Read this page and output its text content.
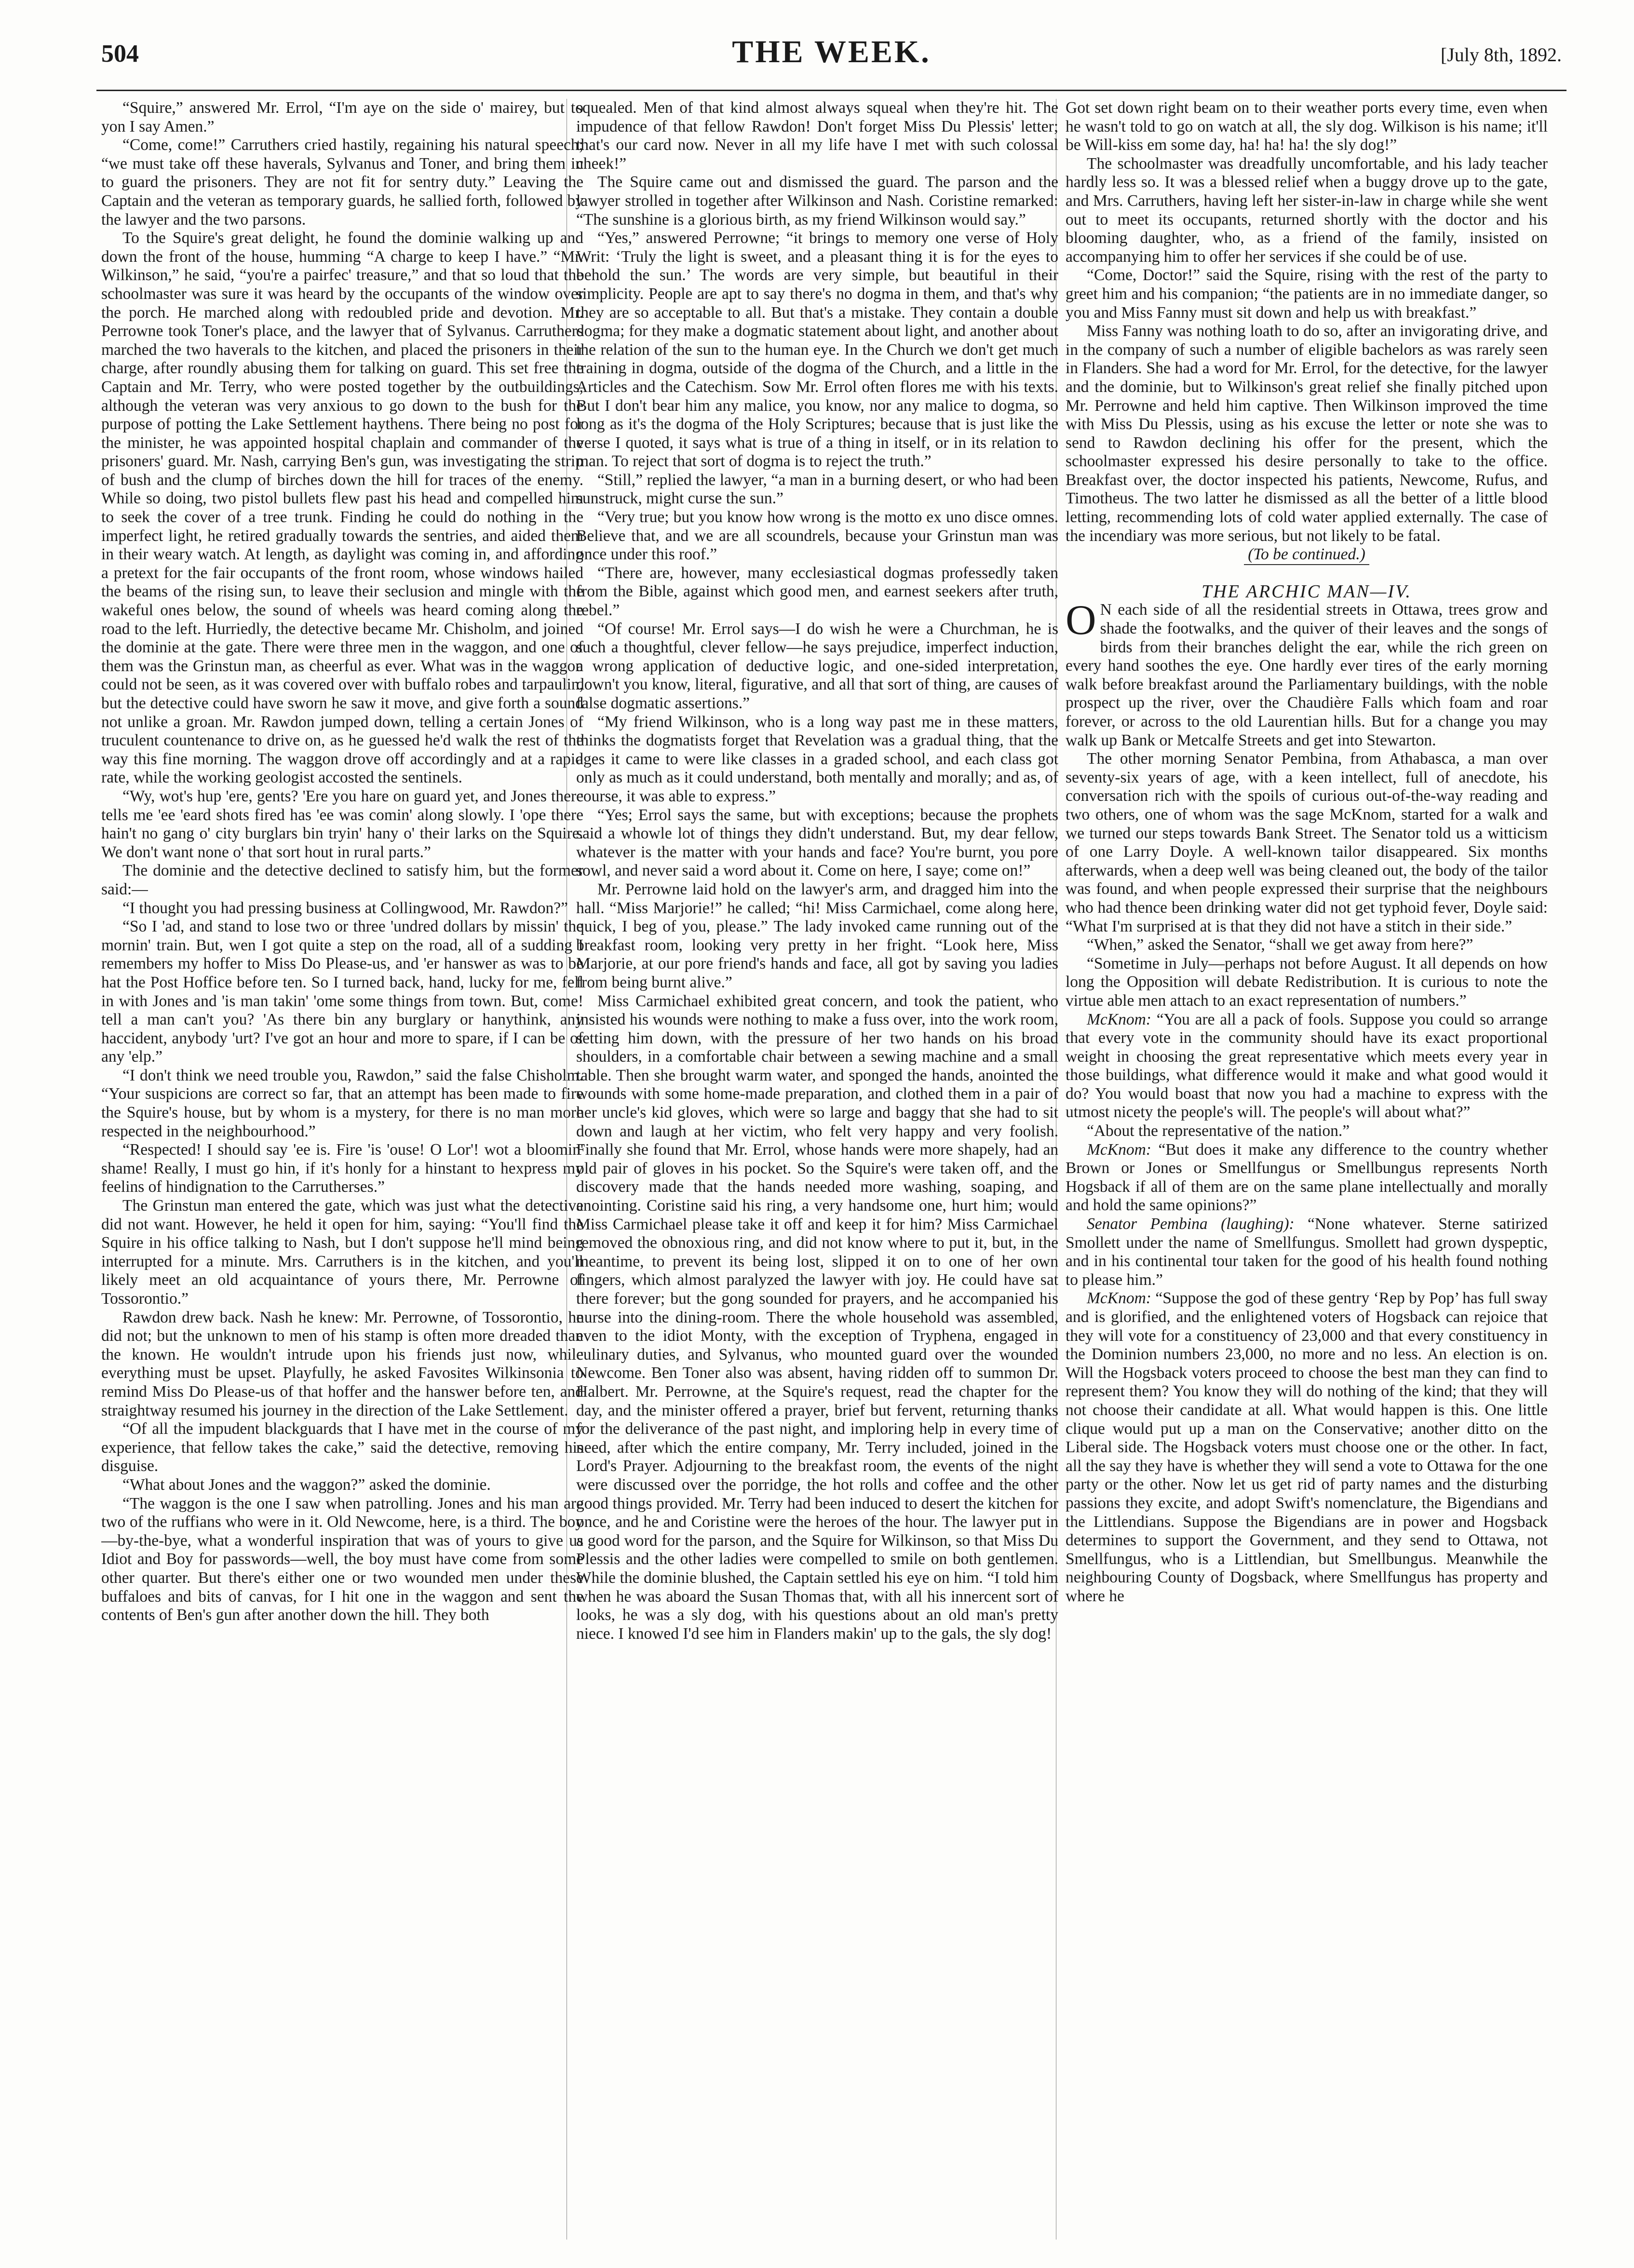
504	THE WEEK.	[July 8th, 1892.

“Squire,” answered Mr. Errol, “I'm aye on the side o' mairey, but to yon I say Amen.”

“Come, come!” Carruthers cried hastily, regaining his natural speech; “we must take off these haverals, Sylvanus and Toner, and bring them in to guard the prisoners. They are not fit for sentry duty.” Leaving the Captain and the veteran as temporary guards, he sallied forth, followed by the lawyer and the two parsons.

To the Squire's great delight, he found the dominie walking up and down the front of the house, humming “A charge to keep I have.” “Mr. Wilkinson,” he said, “you're a pairfec' treasure,” and that so loud that the schoolmaster was sure it was heard by the occupants of the window over the porch. He marched along with redoubled pride and devotion. Mr. Perrowne took Toner's place, and the lawyer that of Sylvanus. Carruthers marched the two haverals to the kitchen, and placed the prisoners in their charge, after roundly abusing them for talking on guard. This set free the Captain and Mr. Terry, who were posted together by the outbuildings, although the veteran was very anxious to go down to the bush for the purpose of potting the Lake Settlement haythens. There being no post for the minister, he was appointed hospital chaplain and commander of the prisoners' guard. Mr. Nash, carrying Ben's gun, was investigating the strip of bush and the clump of birches down the hill for traces of the enemy. While so doing, two pistol bullets flew past his head and compelled him to seek the cover of a tree trunk. Finding he could do nothing in the imperfect light, he retired gradually towards the sentries, and aided them in their weary watch. At length, as daylight was coming in, and affording a pretext for the fair occupants of the front room, whose windows hailed the beams of the rising sun, to leave their seclusion and mingle with the wakeful ones below, the sound of wheels was heard coming along the road to the left. Hurriedly, the detective became Mr. Chisholm, and joined the dominie at the gate. There were three men in the waggon, and one of them was the Grinstun man, as cheerful as ever. What was in the waggon could not be seen, as it was covered over with buffalo robes and tarpaulin, but the detective could have sworn he saw it move, and give forth a sound not unlike a groan. Mr. Rawdon jumped down, telling a certain Jones of truculent countenance to drive on, as he guessed he'd walk the rest of the way this fine morning. The waggon drove off accordingly and at a rapid rate, while the working geologist accosted the sentinels.

“Wy, wot's hup 'ere, gents? 'Ere you hare on guard yet, and Jones there tells me 'ee 'eard shots fired has 'ee was comin' along slowly. I 'ope there hain't no gang o' city burglars bin tryin' hany o' their larks on the Squire. We don't want none o' that sort hout in rural parts.”

The dominie and the detective declined to satisfy him, but the former said:—

“I thought you had pressing business at Collingwood, Mr. Rawdon?”

“So I 'ad, and stand to lose two or three 'undred dollars by missin' the mornin' train. But, wen I got quite a step on the road, all of a sudding I remembers my hoffer to Miss Do Please-us, and 'er hanswer as was to be hat the Post Hoffice before ten. So I turned back, hand, lucky for me, fell in with Jones and 'is man takin' 'ome some things from town. But, come! tell a man can't you? 'As there bin any burglary or hanythink, any haccident, anybody 'urt? I've got an hour and more to spare, if I can be of any 'elp.”

“I don't think we need trouble you, Rawdon,” said the false Chisholm. “Your suspicions are correct so far, that an attempt has been made to fire the Squire's house, but by whom is a mystery, for there is no man more respected in the neighbourhood.”

“Respected! I should say 'ee is. Fire 'is 'ouse! O Lor'! wot a bloomin' shame! Really, I must go hin, if it's honly for a hinstant to hexpress my feelins of hindignation to the Carrutherses.”

The Grinstun man entered the gate, which was just what the detective did not want. However, he held it open for him, saying: “You'll find the Squire in his office talking to Nash, but I don't suppose he'll mind being interrupted for a minute. Mrs. Carruthers is in the kitchen, and you'll likely meet an old acquaintance of yours there, Mr. Perrowne of Tossorontio.”

Rawdon drew back. Nash he knew: Mr. Perrowne, of Tossorontio, he did not; but the unknown to men of his stamp is often more dreaded than the known. He wouldn't intrude upon his friends just now, while everything must be upset. Playfully, he asked Favosites Wilkinsonia to remind Miss Do Please-us of that hoffer and the hanswer before ten, and straightway resumed his journey in the direction of the Lake Settlement.

“Of all the impudent blackguards that I have met in the course of my experience, that fellow takes the cake,” said the detective, removing his disguise.

“What about Jones and the waggon?” asked the dominie.

“The waggon is the one I saw when patrolling. Jones and his man are two of the ruffians who were in it. Old Newcome, here, is a third. The boy—by-the-bye, what a wonderful inspiration that was of yours to give us Idiot and Boy for passwords—well, the boy must have come from some other quarter. But there's either one or two wounded men under these buffaloes and bits of canvas, for I hit one in the waggon and sent the contents of Ben's gun after another down the hill. They both

squealed. Men of that kind almost always squeal when they're hit. The impudence of that fellow Rawdon! Don't forget Miss Du Plessis' letter; that's our card now. Never in all my life have I met with such colossal cheek!”

The Squire came out and dismissed the guard. The parson and the lawyer strolled in together after Wilkinson and Nash. Coristine remarked: “The sunshine is a glorious birth, as my friend Wilkinson would say.”

“Yes,” answered Perrowne; “it brings to memory one verse of Holy Writ: ‘Truly the light is sweet, and a pleasant thing it is for the eyes to behold the sun.’ The words are very simple, but beautiful in their simplicity. People are apt to say there's no dogma in them, and that's why they are so acceptable to all. But that's a mistake. They contain a double dogma; for they make a dogmatic statement about light, and another about the relation of the sun to the human eye. In the Church we don't get much training in dogma, outside of the dogma of the Church, and a little in the Articles and the Catechism. Sow Mr. Errol often flores me with his texts. But I don't bear him any malice, you know, nor any malice to dogma, so long as it's the dogma of the Holy Scriptures; because that is just like the verse I quoted, it says what is true of a thing in itself, or in its relation to man. To reject that sort of dogma is to reject the truth.”

“Still,” replied the lawyer, “a man in a burning desert, or who had been sunstruck, might curse the sun.”

“Very true; but you know how wrong is the motto ex uno disce omnes. Believe that, and we are all scoundrels, because your Grinstun man was once under this roof.”

“There are, however, many ecclesiastical dogmas professedly taken from the Bible, against which good men, and earnest seekers after truth, rebel.”

“Of course! Mr. Errol says—I do wish he were a Churchman, he is such a thoughtful, clever fellow—he says prejudice, imperfect induction, a wrong application of deductive logic, and one-sided interpretation, down't you know, literal, figurative, and all that sort of thing, are causes of false dogmatic assertions.”

“My friend Wilkinson, who is a long way past me in these matters, thinks the dogmatists forget that Revelation was a gradual thing, that the ages it came to were like classes in a graded school, and each class got only as much as it could understand, both mentally and morally; and as, of course, it was able to express.”

“Yes; Errol says the same, but with exceptions; because the prophets said a whowle lot of things they didn't understand. But, my dear fellow, whatever is the matter with your hands and face? You're burnt, you pore sowl, and never said a word about it. Come on here, I saye; come on!”

Mr. Perrowne laid hold on the lawyer's arm, and dragged him into the hall. “Miss Marjorie!” he called; “hi! Miss Carmichael, come along here, quick, I beg of you, please.” The lady invoked came running out of the breakfast room, looking very pretty in her fright. “Look here, Miss Marjorie, at our pore friend's hands and face, all got by saving you ladies from being burnt alive.”

Miss Carmichael exhibited great concern, and took the patient, who insisted his wounds were nothing to make a fuss over, into the work room, setting him down, with the pressure of her two hands on his broad shoulders, in a comfortable chair between a sewing machine and a small table. Then she brought warm water, and sponged the hands, anointed the wounds with some home-made preparation, and clothed them in a pair of her uncle's kid gloves, which were so large and baggy that she had to sit down and laugh at her victim, who felt very happy and very foolish. Finally she found that Mr. Errol, whose hands were more shapely, had an old pair of gloves in his pocket. So the Squire's were taken off, and the discovery made that the hands needed more washing, soaping, and anointing. Coristine said his ring, a very handsome one, hurt him; would Miss Carmichael please take it off and keep it for him? Miss Carmichael removed the obnoxious ring, and did not know where to put it, but, in the meantime, to prevent its being lost, slipped it on to one of her own fingers, which almost paralyzed the lawyer with joy. He could have sat there forever; but the gong sounded for prayers, and he accompanied his nurse into the dining-room. There the whole household was assembled, even to the idiot Monty, with the exception of Tryphena, engaged in culinary duties, and Sylvanus, who mounted guard over the wounded Newcome. Ben Toner also was absent, having ridden off to summon Dr. Halbert. Mr. Perrowne, at the Squire's request, read the chapter for the day, and the minister offered a prayer, brief but fervent, returning thanks for the deliverance of the past night, and imploring help in every time of need, after which the entire company, Mr. Terry included, joined in the Lord's Prayer. Adjourning to the breakfast room, the events of the night were discussed over the porridge, the hot rolls and coffee and the other good things provided. Mr. Terry had been induced to desert the kitchen for once, and he and Coristine were the heroes of the hour. The lawyer put in a good word for the parson, and the Squire for Wilkinson, so that Miss Du Plessis and the other ladies were compelled to smile on both gentlemen. While the dominie blushed, the Captain settled his eye on him. “I told him when he was aboard the Susan Thomas that, with all his innercent sort of looks, he was a sly dog, with his questions about an old man's pretty niece. I knowed I'd see him in Flanders makin' up to the gals, the sly dog!

Got set down right beam on to their weather ports every time, even when he wasn't told to go on watch at all, the sly dog. Wilkison is his name; it'll be Will-kiss em some day, ha! ha! ha! the sly dog!”

The schoolmaster was dreadfully uncomfortable, and his lady teacher hardly less so. It was a blessed relief when a buggy drove up to the gate, and Mrs. Carruthers, having left her sister-in-law in charge while she went out to meet its occupants, returned shortly with the doctor and his blooming daughter, who, as a friend of the family, insisted on accompanying him to offer her services if she could be of use.

“Come, Doctor!” said the Squire, rising with the rest of the party to greet him and his companion; “the patients are in no immediate danger, so you and Miss Fanny must sit down and help us with breakfast.”

Miss Fanny was nothing loath to do so, after an invigorating drive, and in the company of such a number of eligible bachelors as was rarely seen in Flanders. She had a word for Mr. Errol, for the detective, for the lawyer and the dominie, but to Wilkinson's great relief she finally pitched upon Mr. Perrowne and held him captive. Then Wilkinson improved the time with Miss Du Plessis, using as his excuse the letter or note she was to send to Rawdon declining his offer for the present, which the schoolmaster expressed his desire personally to take to the office. Breakfast over, the doctor inspected his patients, Newcome, Rufus, and Timotheus. The two latter he dismissed as all the better of a little blood letting, recommending lots of cold water applied externally. The case of the incendiary was more serious, but not likely to be fatal.

(To be continued.)

THE ARCHIC MAN—IV.

O N each side of all the residential streets in Ottawa, trees grow and shade the footwalks, and the quiver of their leaves and the songs of birds from their branches delight the ear, while the rich green on every hand soothes the eye. One hardly ever tires of the early morning walk before breakfast around the Parliamentary buildings, with the noble prospect up the river, over the Chaudière Falls which foam and roar forever, or across to the old Laurentian hills. But for a change you may walk up Bank or Metcalfe Streets and get into Stewarton.

The other morning Senator Pembina, from Athabasca, a man over seventy-six years of age, with a keen intellect, full of anecdote, his conversation rich with the spoils of curious out-of-the-way reading and two others, one of whom was the sage McKnom, started for a walk and we turned our steps towards Bank Street. The Senator told us a witticism of one Larry Doyle. A well-known tailor disappeared. Six months afterwards, when a deep well was being cleaned out, the body of the tailor was found, and when people expressed their surprise that the neighbours who had thence been drinking water did not get typhoid fever, Doyle said: “What I'm surprised at is that they did not have a stitch in their side.”

“When,” asked the Senator, “shall we get away from here?”

“Sometime in July—perhaps not before August. It all depends on how long the Opposition will debate Redistribution. It is curious to note the virtue able men attach to an exact representation of numbers.”

McKnom: “You are all a pack of fools. Suppose you could so arrange that every vote in the community should have its exact proportional weight in choosing the great representative which meets every year in those buildings, what difference would it make and what good would it do? You would boast that now you had a machine to express with the utmost nicety the people's will. The people's will about what?”

“About the representative of the nation.”

McKnom: “But does it make any difference to the country whether Brown or Jones or Smellfungus or Smellbungus represents North Hogsback if all of them are on the same plane intellectually and morally and hold the same opinions?”

Senator Pembina (laughing): “None whatever. Sterne satirized Smollett under the name of Smellfungus. Smollett had grown dyspeptic, and in his continental tour taken for the good of his health found nothing to please him.”

McKnom: “Suppose the god of these gentry ‘Rep by Pop’ has full sway and is glorified, and the enlightened voters of Hogsback can rejoice that they will vote for a constituency of 23,000 and that every constituency in the Dominion numbers 23,000, no more and no less. An election is on. Will the Hogsback voters proceed to choose the best man they can find to represent them? You know they will do nothing of the kind; that they will not choose their candidate at all. What would happen is this. One little clique would put up a man on the Conservative; another ditto on the Liberal side. The Hogsback voters must choose one or the other. In fact, all the say they have is whether they will send a vote to Ottawa for the one party or the other. Now let us get rid of party names and the disturbing passions they excite, and adopt Swift's nomenclature, the Bigendians and the Littlendians. Suppose the Bigendians are in power and Hogsback determines to support the Government, and they send to Ottawa, not Smellfungus, who is a Littlendian, but Smellbungus. Meanwhile the neighbouring County of Dogsback, where Smellfungus has property and where he
